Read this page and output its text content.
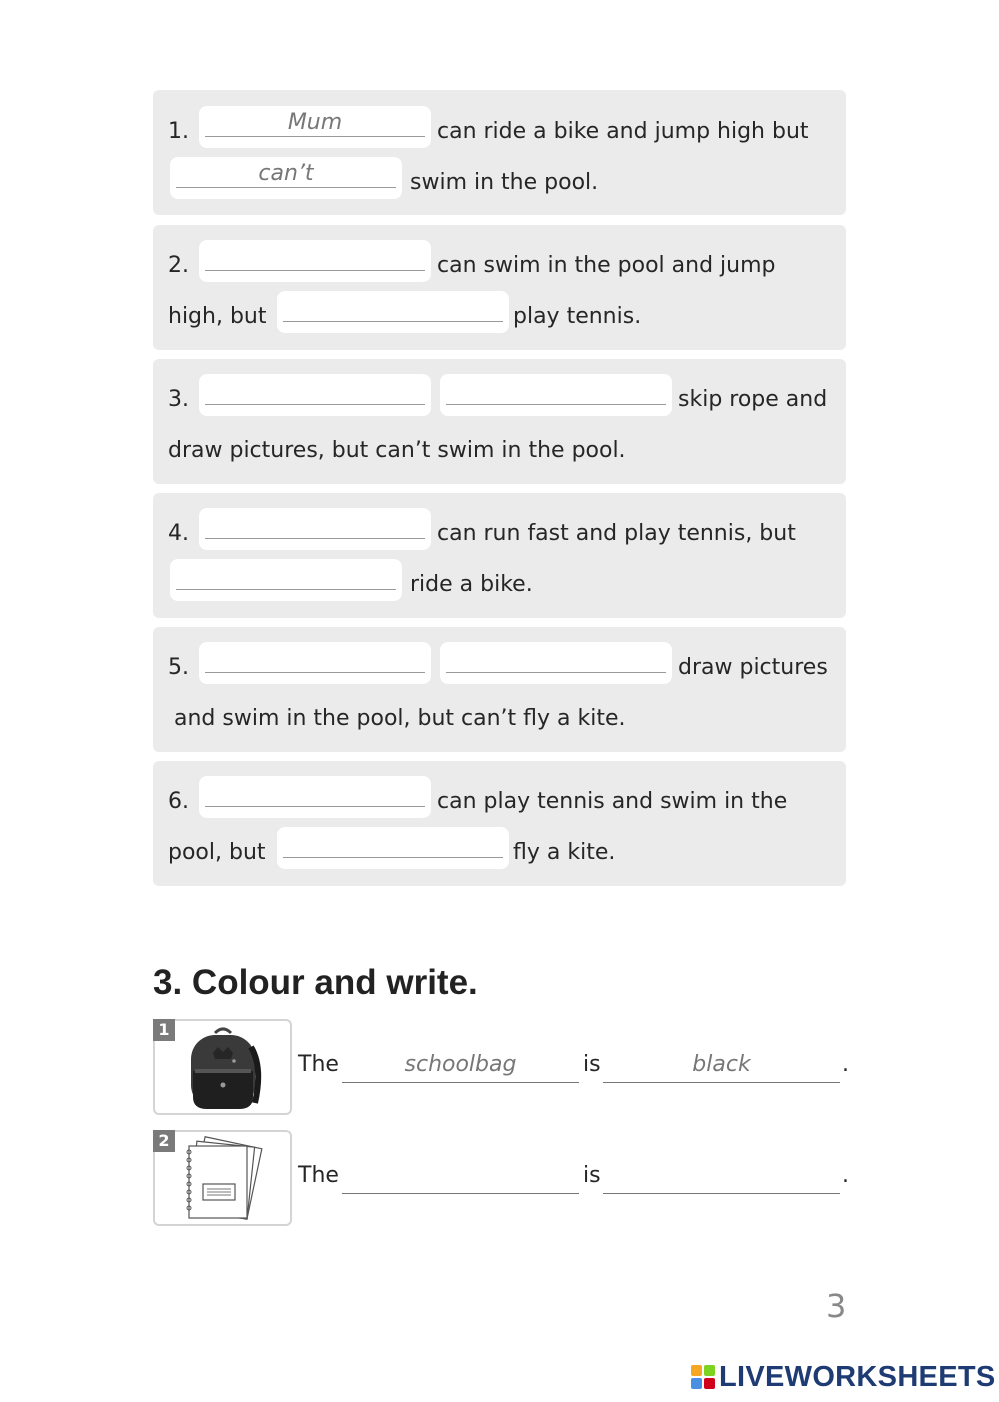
1.	Mum	can ride a bike and jump high but
can’t	swim in the pool.
2.	can swim in the pool and jump
high, but	play tennis.
3.	skip rope and
draw pictures, but can’t swim in the pool.
4.	can run fast and play tennis, but
ride a bike.
5.	draw pictures
and swim in the pool, but can’t fly a kite.
6.	can play tennis and swim in the
pool, but	fly a kite.
3. Colour and write.
1
The	schoolbag	is	black	.
2
The	is	.
3
LIVEWORKSHEETS
